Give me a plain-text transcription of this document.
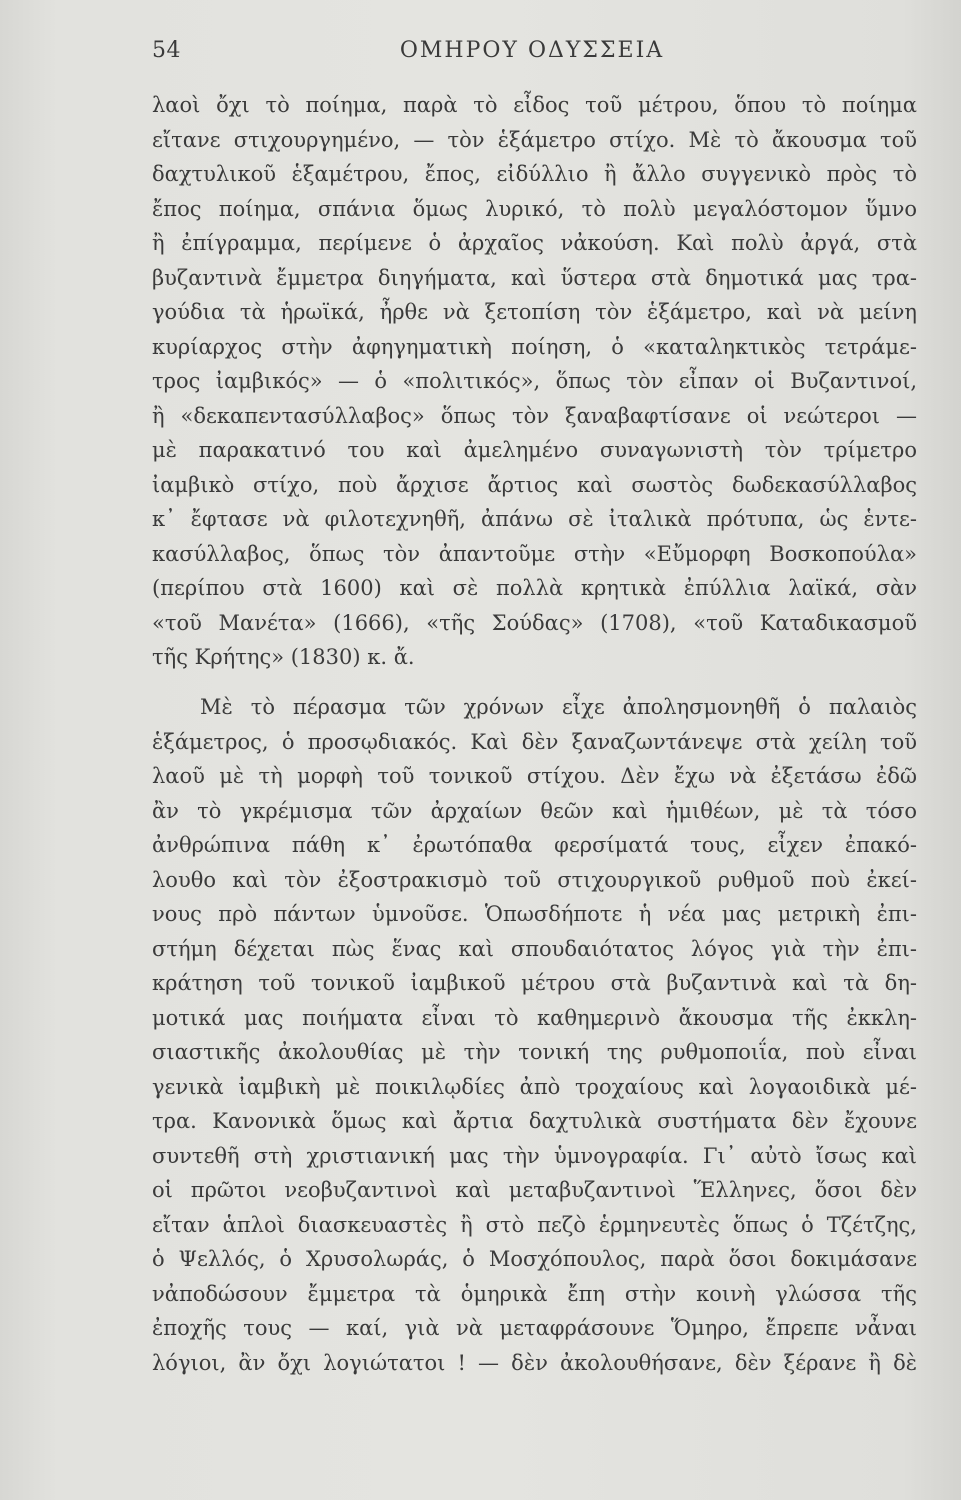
54	ΟΜΗΡΟΥ ΟΔΥΣΣΕΙΑ
λαοὶ ὄχι τὸ ποίημα, παρὰ τὸ εἶδος τοῦ μέτρου, ὅπου τὸ ποίημα
εἴτανε στιχουργημένο, — τὸν ἑξάμετρο στίχο. Μὲ τὸ ἄκουσμα τοῦ
δαχτυλικοῦ ἑξαμέτρου, ἔπος, εἰδύλλιο ἢ ἄλλο συγγενικὸ πρὸς τὸ
ἔπος ποίημα, σπάνια ὅμως λυρικό, τὸ πολὺ μεγαλόστομον ὕμνο
ἢ ἐπίγραμμα, περίμενε ὁ ἀρχαῖος νἀκούση. Καὶ πολὺ ἀργά, στὰ
βυζαντινὰ ἔμμετρα διηγήματα, καὶ ὕστερα στὰ δημοτικά μας τρα-
γούδια τὰ ἡρωϊκά, ἦρθε νὰ ξετοπίση τὸν ἑξάμετρο, καὶ νὰ μείνη
κυρίαρχος στὴν ἀφηγηματικὴ ποίηση, ὁ «καταληκτικὸς τετράμε-
τρος ἰαμβικός» — ὁ «πολιτικός», ὅπως τὸν εἶπαν οἱ Βυζαντινοί,
ἢ «δεκαπεντασύλλαβος» ὅπως τὸν ξαναβαφτίσανε οἱ νεώτεροι —
μὲ παρακατινό του καὶ ἀμελημένο συναγωνιστὴ τὸν τρίμετρο
ἰαμβικὸ στίχο, ποὺ ἄρχισε ἄρτιος καὶ σωστὸς δωδεκασύλλαβος
κ᾿ ἔφτασε νὰ φιλοτεχνηθῆ, ἀπάνω σὲ ἰταλικὰ πρότυπα, ὡς ἑντε-
κασύλλαβος, ὅπως τὸν ἀπαντοῦμε στὴν «Εὔμορφη Βοσκοπούλα»
(περίπου στὰ 1600) καὶ σὲ πολλὰ κρητικὰ ἐπύλλια λαϊκά, σὰν
«τοῦ Μανέτα» (1666), «τῆς Σούδας» (1708), «τοῦ Καταδικασμοῦ
τῆς Κρήτης» (1830) κ. ἄ.
Μὲ τὸ πέρασμα τῶν χρόνων εἶχε ἀπολησμονηθῆ ὁ παλαιὸς
ἑξάμετρος, ὁ προσῳδιακός. Καὶ δὲν ξαναζωντάνεψε στὰ χείλη τοῦ
λαοῦ μὲ τὴ μορφὴ τοῦ τονικοῦ στίχου. Δὲν ἔχω νὰ ἐξετάσω ἐδῶ
ἂν τὸ γκρέμισμα τῶν ἀρχαίων θεῶν καὶ ἡμιθέων, μὲ τὰ τόσο
ἀνθρώπινα πάθη κ᾿ ἐρωτόπαθα φερσίματά τους, εἶχεν ἐπακό-
λουθο καὶ τὸν ἐξοστρακισμὸ τοῦ στιχουργικοῦ ρυθμοῦ ποὺ ἐκεί-
νους πρὸ πάντων ὑμνοῦσε. Ὁπωσδήποτε ἡ νέα μας μετρικὴ ἐπι-
στήμη δέχεται πὼς ἕνας καὶ σπουδαιότατος λόγος γιὰ τὴν ἐπι-
κράτηση τοῦ τονικοῦ ἰαμβικοῦ μέτρου στὰ βυζαντινὰ καὶ τὰ δη-
μοτικά μας ποιήματα εἶναι τὸ καθημερινὸ ἄκουσμα τῆς ἐκκλη-
σιαστικῆς ἀκολουθίας μὲ τὴν τονική της ρυθμοποιΐα, ποὺ εἶναι
γενικὰ ἰαμβικὴ μὲ ποικιλῳδίες ἀπὸ τροχαίους καὶ λογαοιδικὰ μέ-
τρα. Κανονικὰ ὅμως καὶ ἄρτια δαχτυλικὰ συστήματα δὲν ἔχουνε
συντεθῆ στὴ χριστιανική μας τὴν ὑμνογραφία. Γι᾿ αὐτὸ ἴσως καὶ
οἱ πρῶτοι νεοβυζαντινοὶ καὶ μεταβυζαντινοὶ Ἕλληνες, ὅσοι δὲν
εἴταν ἁπλοὶ διασκευαστὲς ἢ στὸ πεζὸ ἑρμηνευτὲς ὅπως ὁ Τζέτζης,
ὁ Ψελλός, ὁ Χρυσολωράς, ὁ Μοσχόπουλος, παρὰ ὅσοι δοκιμάσανε
νἀποδώσουν ἔμμετρα τὰ ὁμηρικὰ ἔπη στὴν κοινὴ γλώσσα τῆς
ἐποχῆς τους — καί, γιὰ νὰ μεταφράσουνε Ὅμηρο, ἔπρεπε νἆναι
λόγιοι, ἂν ὄχι λογιώτατοι ! — δὲν ἀκολουθήσανε, δὲν ξέρανε ἢ δὲ
